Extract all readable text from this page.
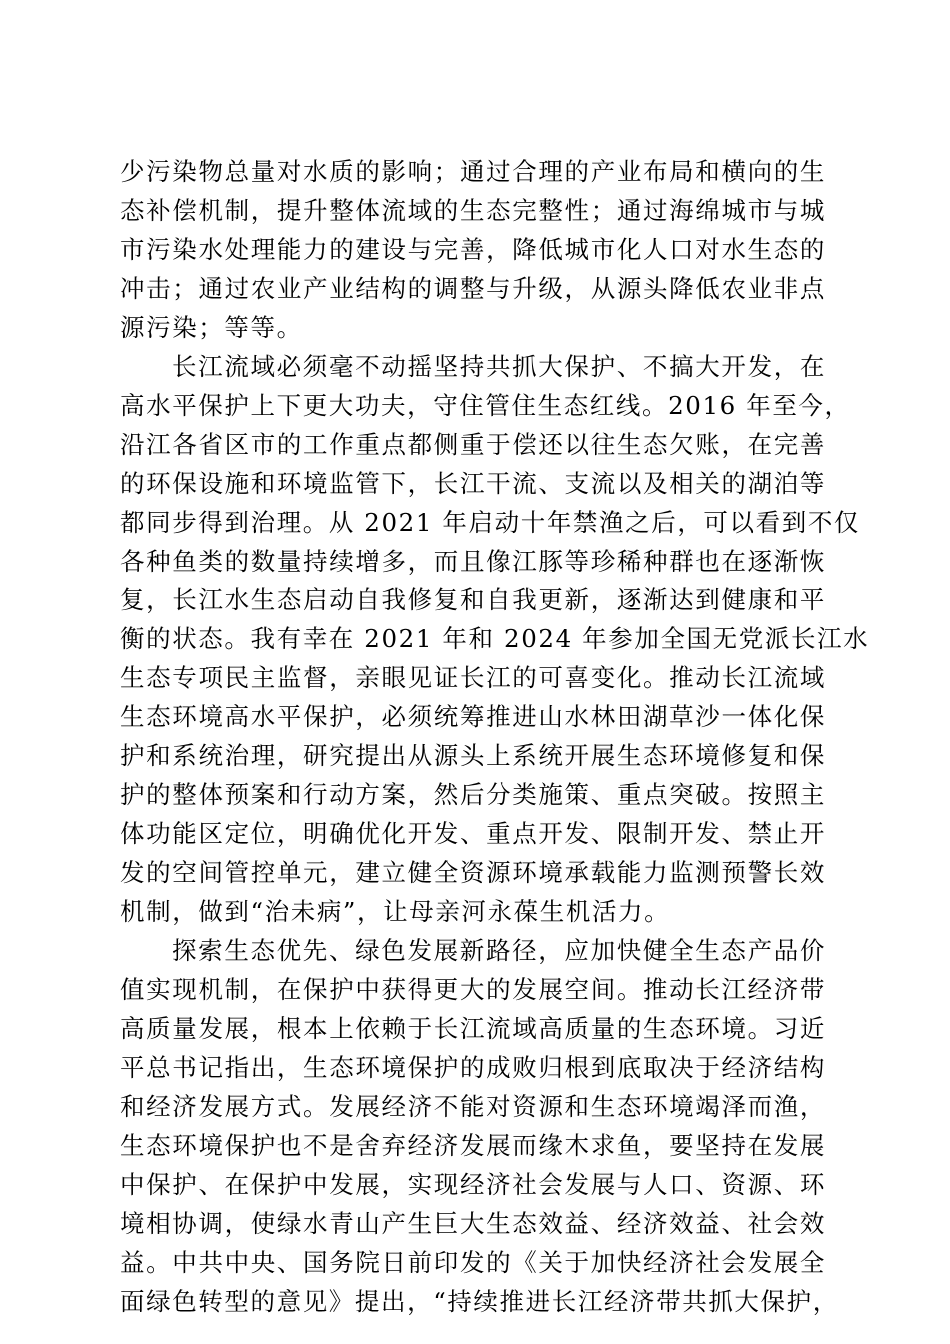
少污染物总量对水质的影响；通过合理的产业布局和横向的生
态补偿机制，提升整体流域的生态完整性；通过海绵城市与城
市污染水处理能力的建设与完善，降低城市化人口对水生态的
冲击；通过农业产业结构的调整与升级，从源头降低农业非点
源污染；等等。
长江流域必须毫不动摇坚持共抓大保护、不搞大开发，在
高水平保护上下更大功夫，守住管住生态红线。2016 年至今，
沿江各省区市的工作重点都侧重于偿还以往生态欠账，在完善
的环保设施和环境监管下，长江干流、支流以及相关的湖泊等
都同步得到治理。从 2021 年启动十年禁渔之后，可以看到不仅
各种鱼类的数量持续增多，而且像江豚等珍稀种群也在逐渐恢
复，长江水生态启动自我修复和自我更新，逐渐达到健康和平
衡的状态。我有幸在 2021 年和 2024 年参加全国无党派长江水
生态专项民主监督，亲眼见证长江的可喜变化。推动长江流域
生态环境高水平保护，必须统筹推进山水林田湖草沙一体化保
护和系统治理，研究提出从源头上系统开展生态环境修复和保
护的整体预案和行动方案，然后分类施策、重点突破。按照主
体功能区定位，明确优化开发、重点开发、限制开发、禁止开
发的空间管控单元，建立健全资源环境承载能力监测预警长效
机制，做到“治未病”，让母亲河永葆生机活力。
探索生态优先、绿色发展新路径，应加快健全生态产品价
值实现机制，在保护中获得更大的发展空间。推动长江经济带
高质量发展，根本上依赖于长江流域高质量的生态环境。习近
平总书记指出，生态环境保护的成败归根到底取决于经济结构
和经济发展方式。发展经济不能对资源和生态环境竭泽而渔，
生态环境保护也不是舍弃经济发展而缘木求鱼，要坚持在发展
中保护、在保护中发展，实现经济社会发展与人口、资源、环
境相协调，使绿水青山产生巨大生态效益、经济效益、社会效
益。中共中央、国务院日前印发的《关于加快经济社会发展全
面绿色转型的意见》提出，“持续推进长江经济带共抓大保护，
